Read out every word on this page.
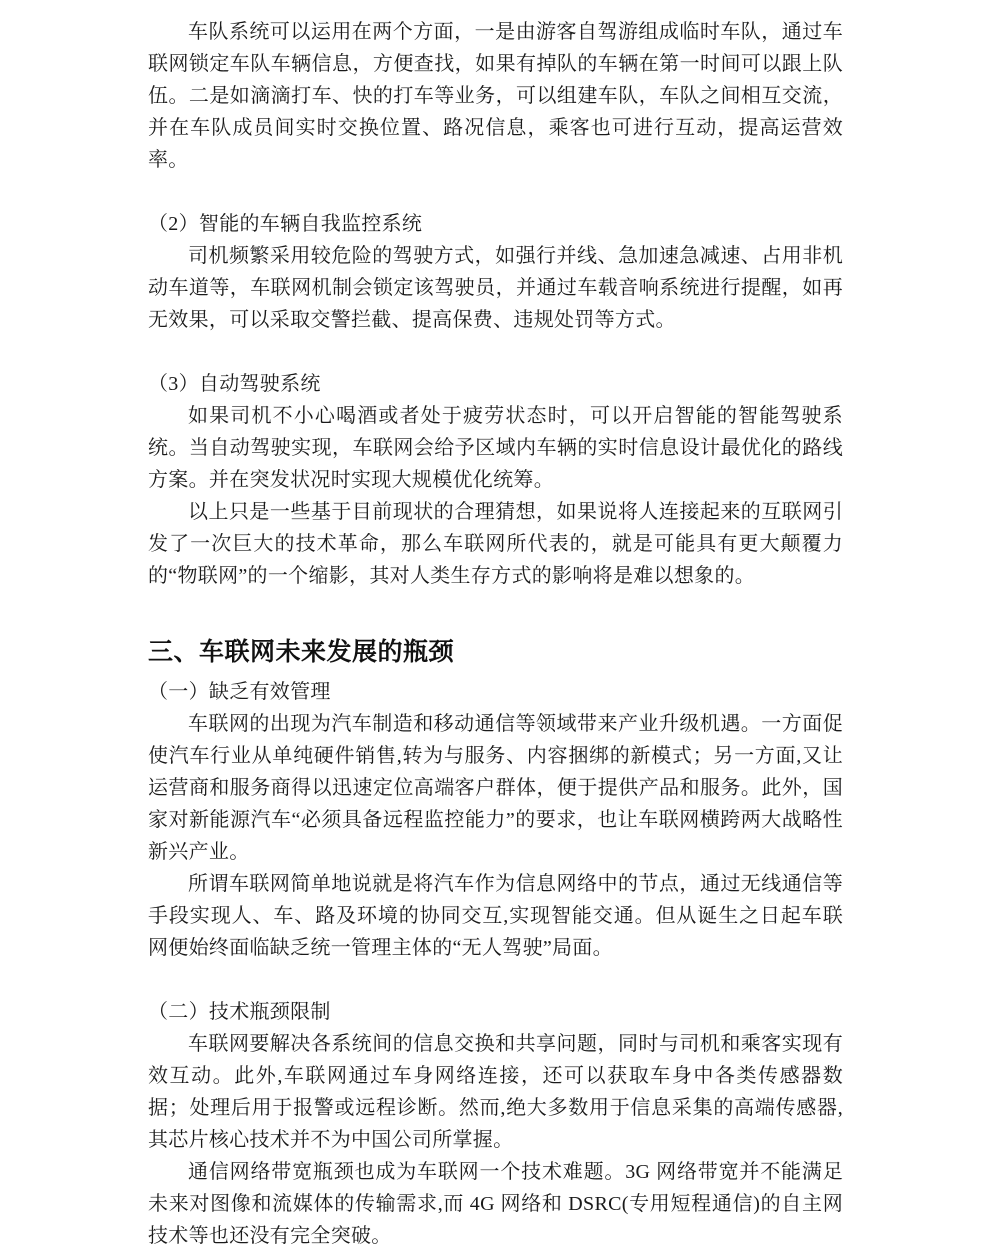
车队系统可以运用在两个方面，一是由游客自驾游组成临时车队，通过车联网锁定车队车辆信息，方便查找，如果有掉队的车辆在第一时间可以跟上队伍。二是如滴滴打车、快的打车等业务，可以组建车队，车队之间相互交流，并在车队成员间实时交换位置、路况信息，乘客也可进行互动，提高运营效率。

（2）智能的车辆自我监控系统

司机频繁采用较危险的驾驶方式，如强行并线、急加速急减速、占用非机动车道等，车联网机制会锁定该驾驶员，并通过车载音响系统进行提醒，如再无效果，可以采取交警拦截、提高保费、违规处罚等方式。

（3）自动驾驶系统

如果司机不小心喝酒或者处于疲劳状态时，可以开启智能的智能驾驶系统。当自动驾驶实现，车联网会给予区域内车辆的实时信息设计最优化的路线方案。并在突发状况时实现大规模优化统筹。

以上只是一些基于目前现状的合理猜想，如果说将人连接起来的互联网引发了一次巨大的技术革命，那么车联网所代表的，就是可能具有更大颠覆力的“物联网”的一个缩影，其对人类生存方式的影响将是难以想象的。

三、车联网未来发展的瓶颈

（一）缺乏有效管理

车联网的出现为汽车制造和移动通信等领域带来产业升级机遇。一方面促使汽车行业从单纯硬件销售,转为与服务、内容捆绑的新模式；另一方面,又让运营商和服务商得以迅速定位高端客户群体，便于提供产品和服务。此外，国家对新能源汽车“必须具备远程监控能力”的要求，也让车联网横跨两大战略性新兴产业。

所谓车联网简单地说就是将汽车作为信息网络中的节点，通过无线通信等手段实现人、车、路及环境的协同交互,实现智能交通。但从诞生之日起车联网便始终面临缺乏统一管理主体的“无人驾驶”局面。

（二）技术瓶颈限制

车联网要解决各系统间的信息交换和共享问题，同时与司机和乘客实现有效互动。此外,车联网通过车身网络连接，还可以获取车身中各类传感器数据；处理后用于报警或远程诊断。然而,绝大多数用于信息采集的高端传感器,其芯片核心技术并不为中国公司所掌握。

通信网络带宽瓶颈也成为车联网一个技术难题。3G 网络带宽并不能满足未来对图像和流媒体的传输需求,而 4G 网络和 DSRC(专用短程通信)的自主网技术等也还没有完全突破。
